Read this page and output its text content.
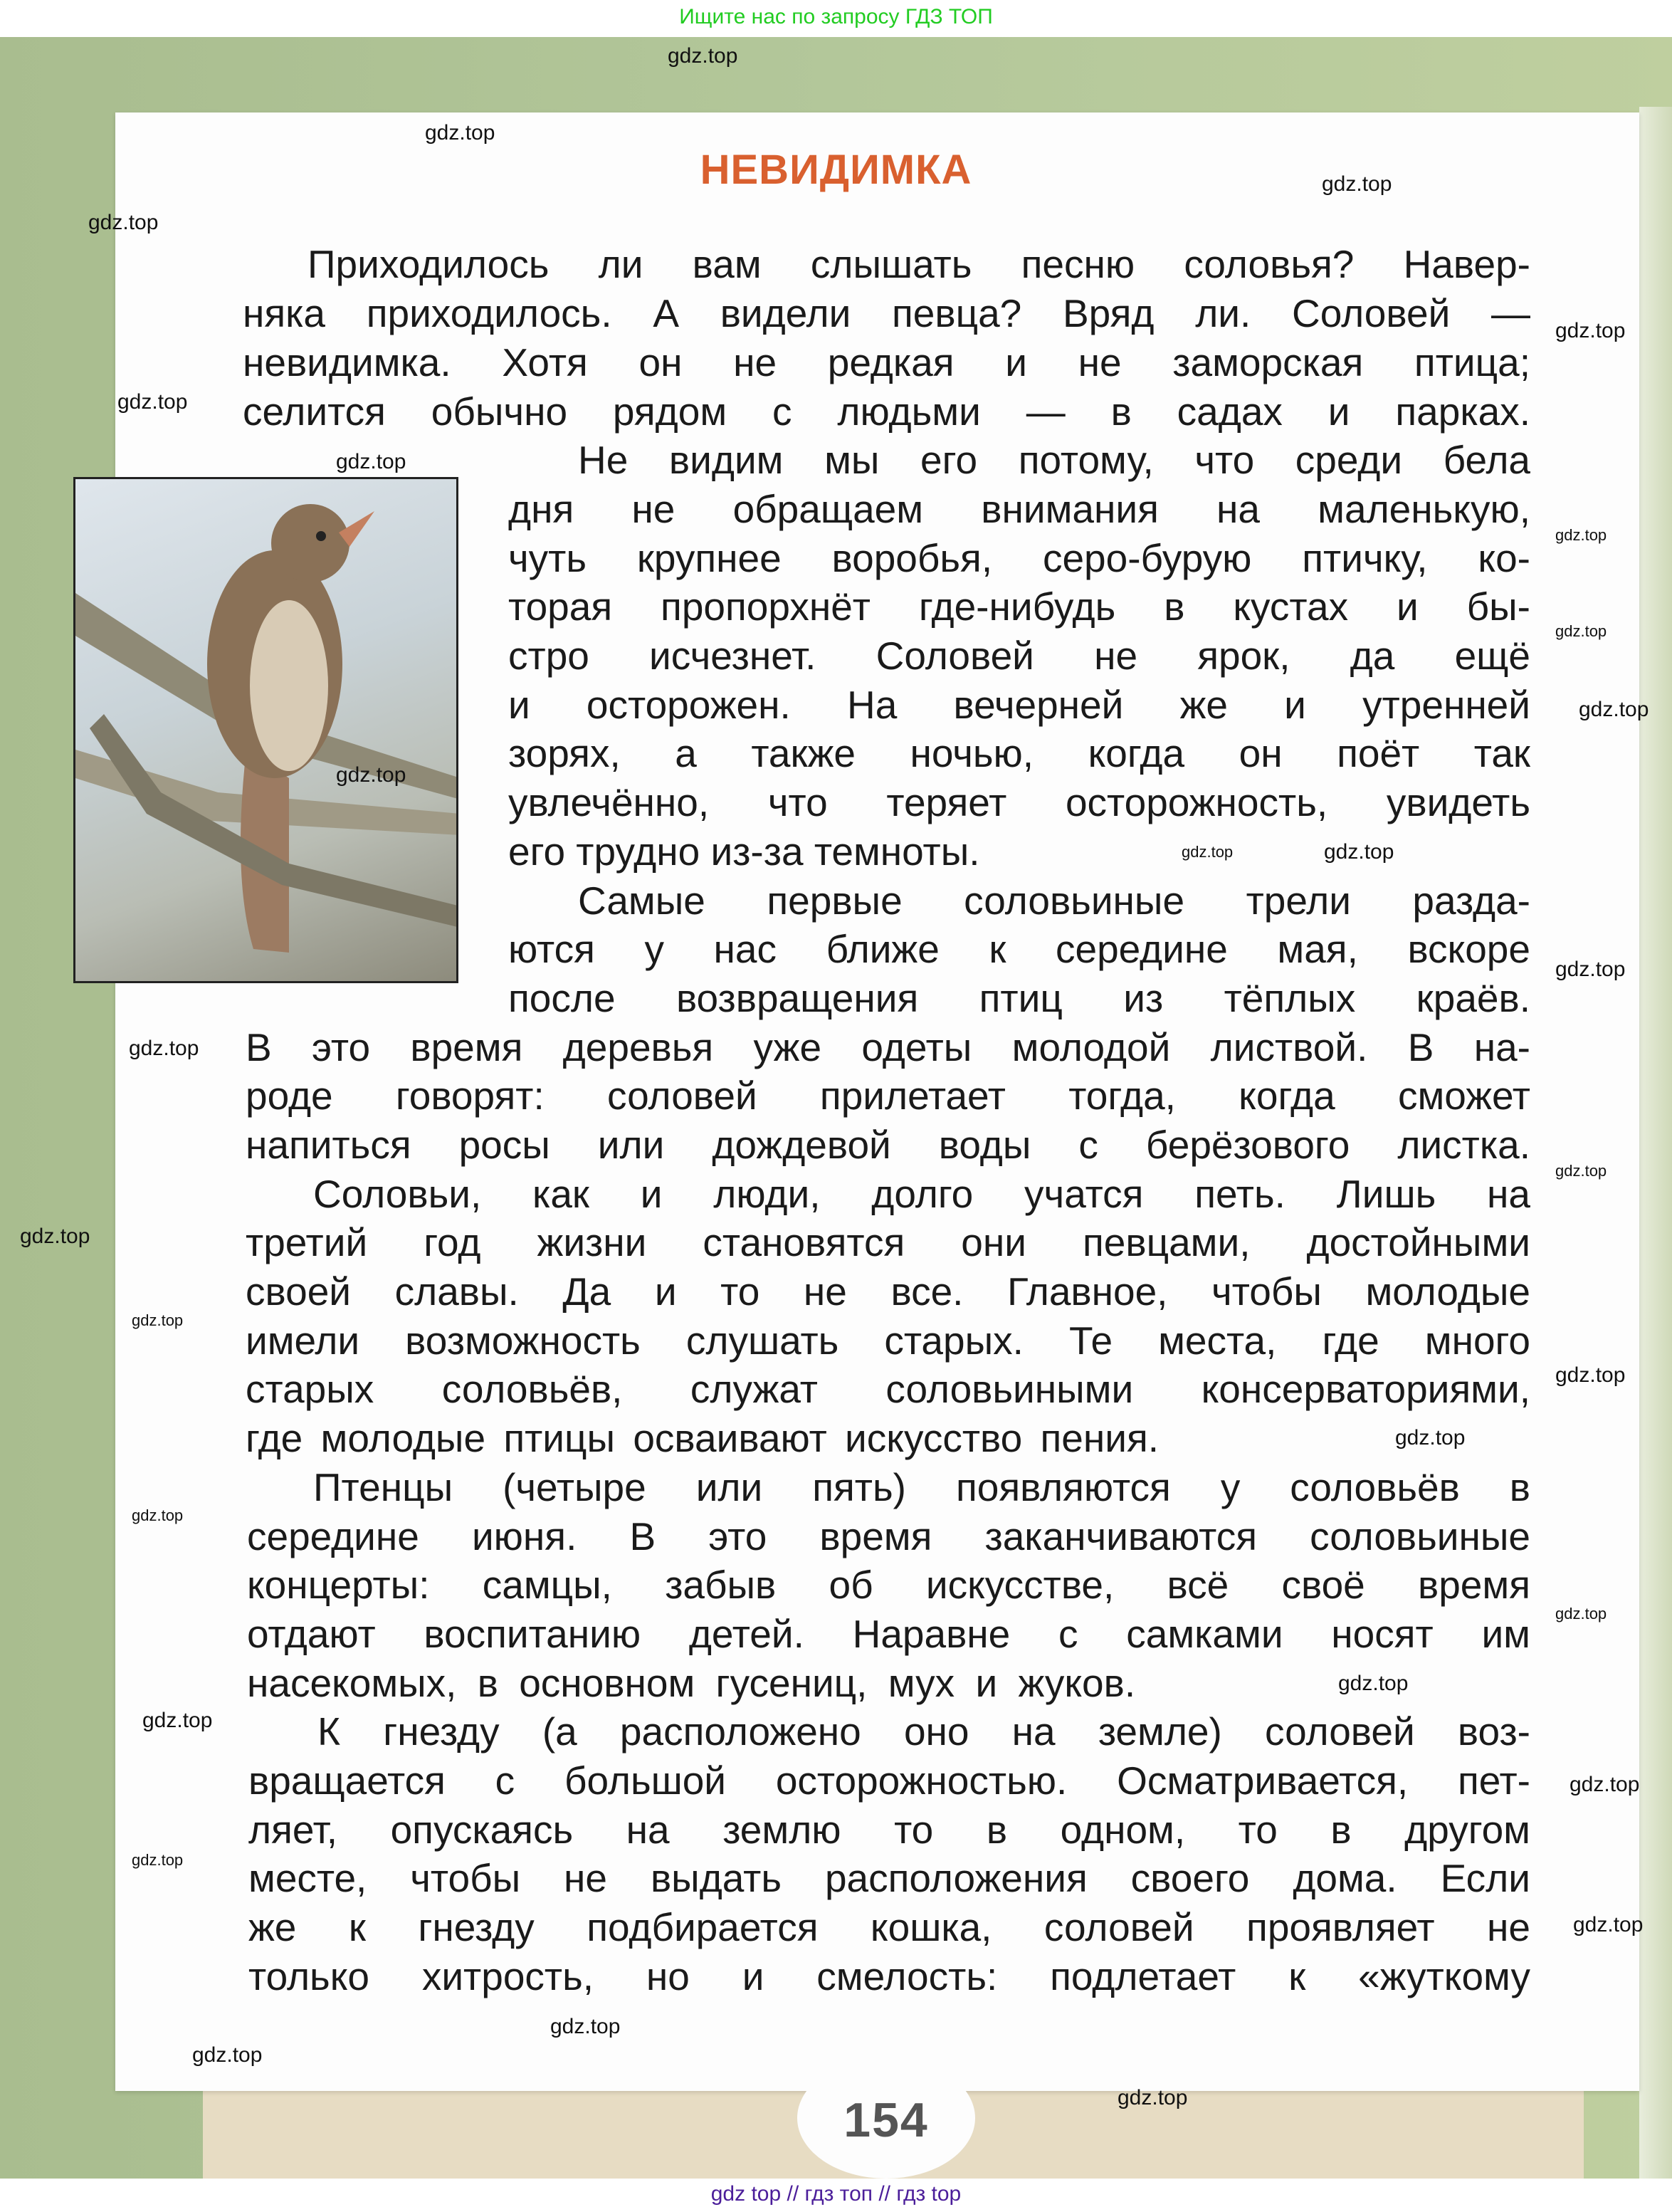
Ищите нас по запросу ГДЗ ТОП
154
gdz top // гдз топ // гдз top
НЕВИДИМКА
Приходилось ли вам слышать песню соловья? Навер-
няка приходилось. А видели певца? Вряд ли. Соловей —
невидимка. Хотя он не редкая и не заморская птица;
селится обычно рядом с людьми — в садах и парках.
Не видим мы его потому, что среди бела
дня не обращаем внимания на маленькую,
чуть крупнее воробья, серо-бурую птичку, ко-
торая пропорхнёт где-нибудь в кустах и бы-
стро исчезнет. Соловей не ярок, да ещё
и осторожен. На вечерней же и утренней
зорях, а также ночью, когда он поёт так
увлечённо, что теряет осторожность, увидеть
его трудно из-за темноты.
Самые первые соловьиные трели разда-
ются у нас ближе к середине мая, вскоре
после возвращения птиц из тёплых краёв.
В это время деревья уже одеты молодой листвой. В на-
роде говорят: соловей прилетает тогда, когда сможет
напиться росы или дождевой воды с берёзового листка.
Соловьи, как и люди, долго учатся петь. Лишь на
третий год жизни становятся они певцами, достойными
своей славы. Да и то не все. Главное, чтобы молодые
имели возможность слушать старых. Те места, где много
старых соловьёв, служат соловьиными консерваториями,
где молодые птицы осваивают искусство пения.
Птенцы (четыре или пять) появляются у соловьёв в
середине июня. В это время заканчиваются соловьиные
концерты: самцы, забыв об искусстве, всё своё время
отдают воспитанию детей. Наравне с самками носят им
насекомых, в основном гусениц, мух и жуков.
К гнезду (а расположено оно на земле) соловей воз-
вращается с большой осторожностью. Осматривается, пет-
ляет, опускаясь на землю то в одном, то в другом
месте, чтобы не выдать расположения своего дома. Если
же к гнезду подбирается кошка, соловей проявляет не
только хитрость, но и смелость: подлетает к «жуткому
gdz.top
gdz.top
gdz.top
gdz.top
gdz.top
gdz.top
gdz.top
gdz.top
gdz.top
gdz.top
gdz.top
gdz.top	gdz.top
gdz.top
gdz.top
gdz.top
gdz.top
gdz.top
gdz.top
gdz.top
gdz.top
gdz.top
gdz.top
gdz.top
gdz.top
gdz.top
gdz.top
gdz.top
gdz.top
gdz.top
